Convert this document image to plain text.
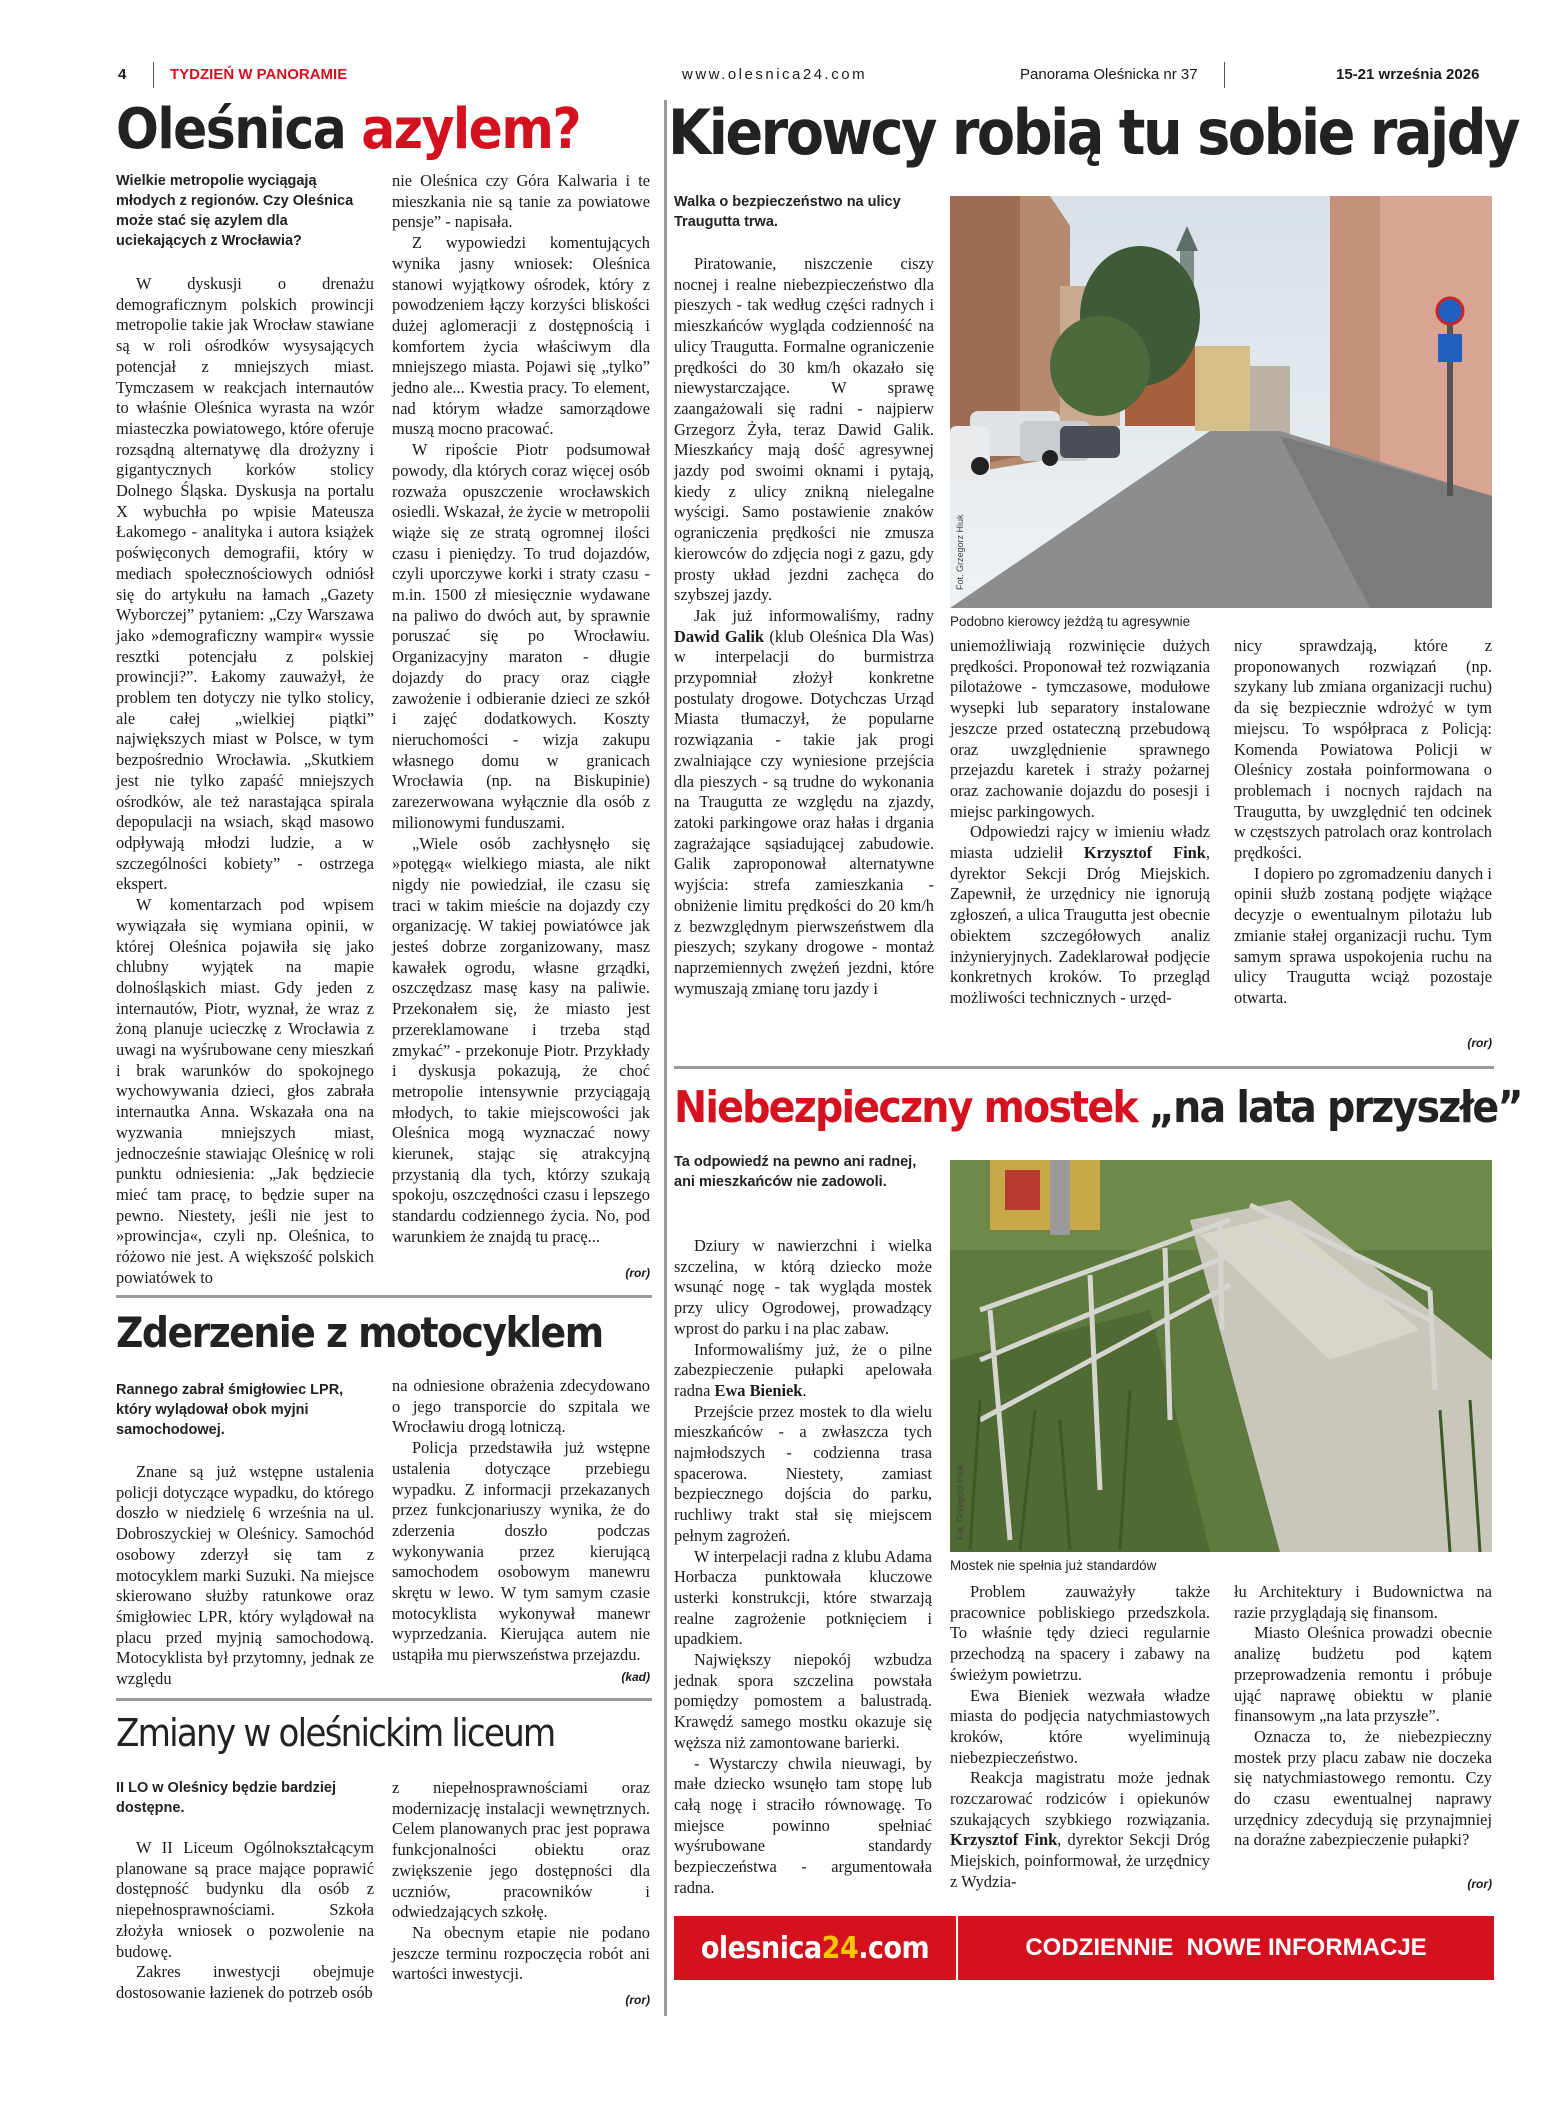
4	TYDZIEŃ W PANORAMIE	www.olesnica24.com	Panorama Oleśnicka nr 37	15-21 września 2026
Oleśnica azylem?
Wielkie metropolie wyciągają młodych z regionów. Czy Oleśnica może stać się azylem dla uciekających z Wrocławia?

W dyskusji o drenażu demograficznym polskich prowincji metropolie takie jak Wrocław stawiane są w roli ośrodków wysysających potencjał z mniejszych miast. Tymczasem w reakcjach internautów to właśnie Oleśnica wyrasta na wzór miasteczka powiatowego, które oferuje rozsądną alternatywę dla drożyzny i gigantycznych korków stolicy Dolnego Śląska. Dyskusja na portalu X wybuchła po wpisie Mateusza Łakomego - analityka i autora książek poświęconych demografii, który w mediach społecznościowych odniósł się do artykułu na łamach „Gazety Wyborczej” pytaniem: „Czy Warszawa jako »demograficzny wampir« wyssie resztki potencjału z polskiej prowincji?”. Łakomy zauważył, że problem ten dotyczy nie tylko stolicy, ale całej „wielkiej piątki” największych miast w Polsce, w tym bezpośrednio Wrocławia. „Skutkiem jest nie tylko zapaść mniejszych ośrodków, ale też narastająca spirala depopulacji na wsiach, skąd masowo odpływają młodzi ludzie, a w szczególności kobiety” - ostrzega ekspert.

W komentarzach pod wpisem wywiązała się wymiana opinii, w której Oleśnica pojawiła się jako chlubny wyjątek na mapie dolnośląskich miast. Gdy jeden z internautów, Piotr, wyznał, że wraz z żoną planuje ucieczkę z Wrocławia z uwagi na wyśrubowane ceny mieszkań i brak warunków do spokojnego wychowywania dzieci, głos zabrała internautka Anna. Wskazała ona na wyzwania mniejszych miast, jednocześnie stawiając Oleśnicę w roli punktu odniesienia: „Jak będziecie mieć tam pracę, to będzie super na pewno. Niestety, jeśli nie jest to »prowincja«, czyli np. Oleśnica, to różowo nie jest. A większość polskich powiatówek to

nie Oleśnica czy Góra Kalwaria i te mieszkania nie są tanie za powiatowe pensje” - napisała.

Z wypowiedzi komentujących wynika jasny wniosek: Oleśnica stanowi wyjątkowy ośrodek, który z powodzeniem łączy korzyści bliskości dużej aglomeracji z dostępnością i komfortem życia właściwym dla mniejszego miasta. Pojawi się „tylko” jedno ale... Kwestia pracy. To element, nad którym władze samorządowe muszą mocno pracować.

W ripoście Piotr podsumował powody, dla których coraz więcej osób rozważa opuszczenie wrocławskich osiedli. Wskazał, że życie w metropolii wiąże się ze stratą ogromnej ilości czasu i pieniędzy. To trud dojazdów, czyli uporczywe korki i straty czasu - m.in. 1500 zł miesięcznie wydawane na paliwo do dwóch aut, by sprawnie poruszać się po Wrocławiu. Organizacyjny maraton - długie dojazdy do pracy oraz ciągłe zawożenie i odbieranie dzieci ze szkół i zajęć dodatkowych. Koszty nieruchomości - wizja zakupu własnego domu w granicach Wrocławia (np. na Biskupinie) zarezerwowana wyłącznie dla osób z milionowymi funduszami.

„Wiele osób zachłysnęło się »potęgą« wielkiego miasta, ale nikt nigdy nie powiedział, ile czasu się traci w takim mieście na dojazdy czy organizację. W takiej powiatówce jak jesteś dobrze zorganizowany, masz kawałek ogrodu, własne grządki, oszczędzasz masę kasy na paliwie. Przekonałem się, że miasto jest przereklamowane i trzeba stąd zmykać” - przekonuje Piotr. Przykłady i dyskusja pokazują, że choć metropolie intensywnie przyciągają młodych, to takie miejscowości jak Oleśnica mogą wyznaczać nowy kierunek, stając się atrakcyjną przystanią dla tych, którzy szukają spokoju, oszczędności czasu i lepszego standardu codziennego życia. No, pod warunkiem że znajdą tu pracę...

(ror)
Zderzenie z motocyklem
Rannego zabrał śmigłowiec LPR, który wylądował obok myjni samochodowej.

Znane są już wstępne ustalenia policji dotyczące wypadku, do którego doszło w niedzielę 6 września na ul. Dobroszyckiej w Oleśnicy. Samochód osobowy zderzył się tam z motocyklem marki Suzuki. Na miejsce skierowano służby ratunkowe oraz śmigłowiec LPR, który wylądował na placu przed myjnią samochodową. Motocyklista był przytomny, jednak ze względu

na odniesione obrażenia zdecydowano o jego transporcie do szpitala we Wrocławiu drogą lotniczą.

Policja przedstawiła już wstępne ustalenia dotyczące przebiegu wypadku. Z informacji przekazanych przez funkcjonariuszy wynika, że do zderzenia doszło podczas wykonywania przez kierującą samochodem osobowym manewru skrętu w lewo. W tym samym czasie motocyklista wykonywał manewr wyprzedzania. Kierująca autem nie ustąpiła mu pierwszeństwa przejazdu.

(kad)
Zmiany w oleśnickim liceum
II LO w Oleśnicy będzie bardziej dostępne.

W II Liceum Ogólnokształcącym planowane są prace mające poprawić dostępność budynku dla osób z niepełnosprawnościami. Szkoła złożyła wniosek o pozwolenie na budowę.

Zakres inwestycji obejmuje dostosowanie łazienek do potrzeb osób

z niepełnosprawnościami oraz modernizację instalacji wewnętrznych. Celem planowanych prac jest poprawa funkcjonalności obiektu oraz zwiększenie jego dostępności dla uczniów, pracowników i odwiedzających szkołę.

Na obecnym etapie nie podano jeszcze terminu rozpoczęcia robót ani wartości inwestycji.

(ror)
Kierowcy robią tu sobie rajdy
Walka o bezpieczeństwo na ulicy Traugutta trwa.

Piratowanie, niszczenie ciszy nocnej i realne niebezpieczeństwo dla pieszych - tak według części radnych i mieszkańców wygląda codzienność na ulicy Traugutta. Formalne ograniczenie prędkości do 30 km/h okazało się niewystarczające. W sprawę zaangażowali się radni - najpierw Grzegorz Żyła, teraz Dawid Galik. Mieszkańcy mają dość agresywnej jazdy pod swoimi oknami i pytają, kiedy z ulicy znikną nielegalne wyścigi. Samo postawienie znaków ograniczenia prędkości nie zmusza kierowców do zdjęcia nogi z gazu, gdy prosty układ jezdni zachęca do szybszej jazdy.

Jak już informowaliśmy, radny Dawid Galik (klub Oleśnica Dla Was) w interpelacji do burmistrza przypomniał złożył konkretne postulaty drogowe. Dotychczas Urząd Miasta tłumaczył, że popularne rozwiązania - takie jak progi zwalniające czy wyniesione przejścia dla pieszych - są trudne do wykonania na Traugutta ze względu na zjazdy, zatoki parkingowe oraz hałas i drgania zagrażające sąsiadującej zabudowie. Galik zaproponował alternatywne wyjścia: strefa zamieszkania - obniżenie limitu prędkości do 20 km/h z bezwzględnym pierwszeństwem dla pieszych; szykany drogowe - montaż naprzemiennych zwężeń jezdni, które wymuszają zmianę toru jazdy i

Fot. Grzegorz Hiuk
Podobno kierowcy jeżdżą tu agresywnie

uniemożliwiają rozwinięcie dużych prędkości. Proponował też rozwiązania pilotażowe - tymczasowe, modułowe wysepki lub separatory instalowane jeszcze przed ostateczną przebudową oraz uwzględnienie sprawnego przejazdu karetek i straży pożarnej oraz zachowanie dojazdu do posesji i miejsc parkingowych.

Odpowiedzi rajcy w imieniu władz miasta udzielił Krzysztof Fink, dyrektor Sekcji Dróg Miejskich. Zapewnił, że urzędnicy nie ignorują zgłoszeń, a ulica Traugutta jest obecnie obiektem szczegółowych analiz inżynieryjnych. Zadeklarował podjęcie konkretnych kroków. To przegląd możliwości technicznych - urzęd-

nicy sprawdzają, które z proponowanych rozwiązań (np. szykany lub zmiana organizacji ruchu) da się bezpiecznie wdrożyć w tym miejscu. To współpraca z Policją: Komenda Powiatowa Policji w Oleśnicy została poinformowana o problemach i nocnych rajdach na Traugutta, by uwzględnić ten odcinek w częstszych patrolach oraz kontrolach prędkości.

I dopiero po zgromadzeniu danych i opinii służb zostaną podjęte wiążące decyzje o ewentualnym pilotażu lub zmianie stałej organizacji ruchu. Tym samym sprawa uspokojenia ruchu na ulicy Traugutta wciąż pozostaje otwarta.

(ror)
Niebezpieczny mostek „na lata przyszłe”
Ta odpowiedź na pewno ani radnej, ani mieszkańców nie zadowoli.
Fot. Grzegorz Hiuk
Mostek nie spełnia już standardów

Dziury w nawierzchni i wielka szczelina, w którą dziecko może wsunąć nogę - tak wygląda mostek przy ulicy Ogrodowej, prowadzący wprost do parku i na plac zabaw.

Informowaliśmy już, że o pilne zabezpieczenie pułapki apelowała radna Ewa Bieniek.

Przejście przez mostek to dla wielu mieszkańców - a zwłaszcza tych najmłodszych - codzienna trasa spacerowa. Niestety, zamiast bezpiecznego dojścia do parku, ruchliwy trakt stał się miejscem pełnym zagrożeń.

W interpelacji radna z klubu Adama Horbacza punktowała kluczowe usterki konstrukcji, które stwarzają realne zagrożenie potknięciem i upadkiem.

Największy niepokój wzbudza jednak spora szczelina powstała pomiędzy pomostem a balustradą. Krawędź samego mostku okazuje się węższa niż zamontowane barierki.

- Wystarczy chwila nieuwagi, by małe dziecko wsunęło tam stopę lub całą nogę i straciło równowagę. To miejsce powinno spełniać wyśrubowane standardy bezpieczeństwa - argumentowała radna.

Problem zauważyły także pracownice pobliskiego przedszkola. To właśnie tędy dzieci regularnie przechodzą na spacery i zabawy na świeżym powietrzu.

Ewa Bieniek wezwała władze miasta do podjęcia natychmiastowych kroków, które wyeliminują niebezpieczeństwo.

Reakcja magistratu może jednak rozczarować rodziców i opiekunów szukających szybkiego rozwiązania. Krzysztof Fink, dyrektor Sekcji Dróg Miejskich, poinformował, że urzędnicy z Wydzia-

łu Architektury i Budownictwa na razie przyglądają się finansom.

Miasto Oleśnica prowadzi obecnie analizę budżetu pod kątem przeprowadzenia remontu i próbuje ująć naprawę obiektu w planie finansowym „na lata przyszłe”.

Oznacza to, że niebezpieczny mostek przy placu zabaw nie doczeka się natychmiastowego remontu. Czy do czasu ewentualnej naprawy urzędnicy zdecydują się przynajmniej na doraźne zabezpieczenie pułapki?

(ror)
olesnica24.com	CODZIENNIE  NOWE INFORMACJE
